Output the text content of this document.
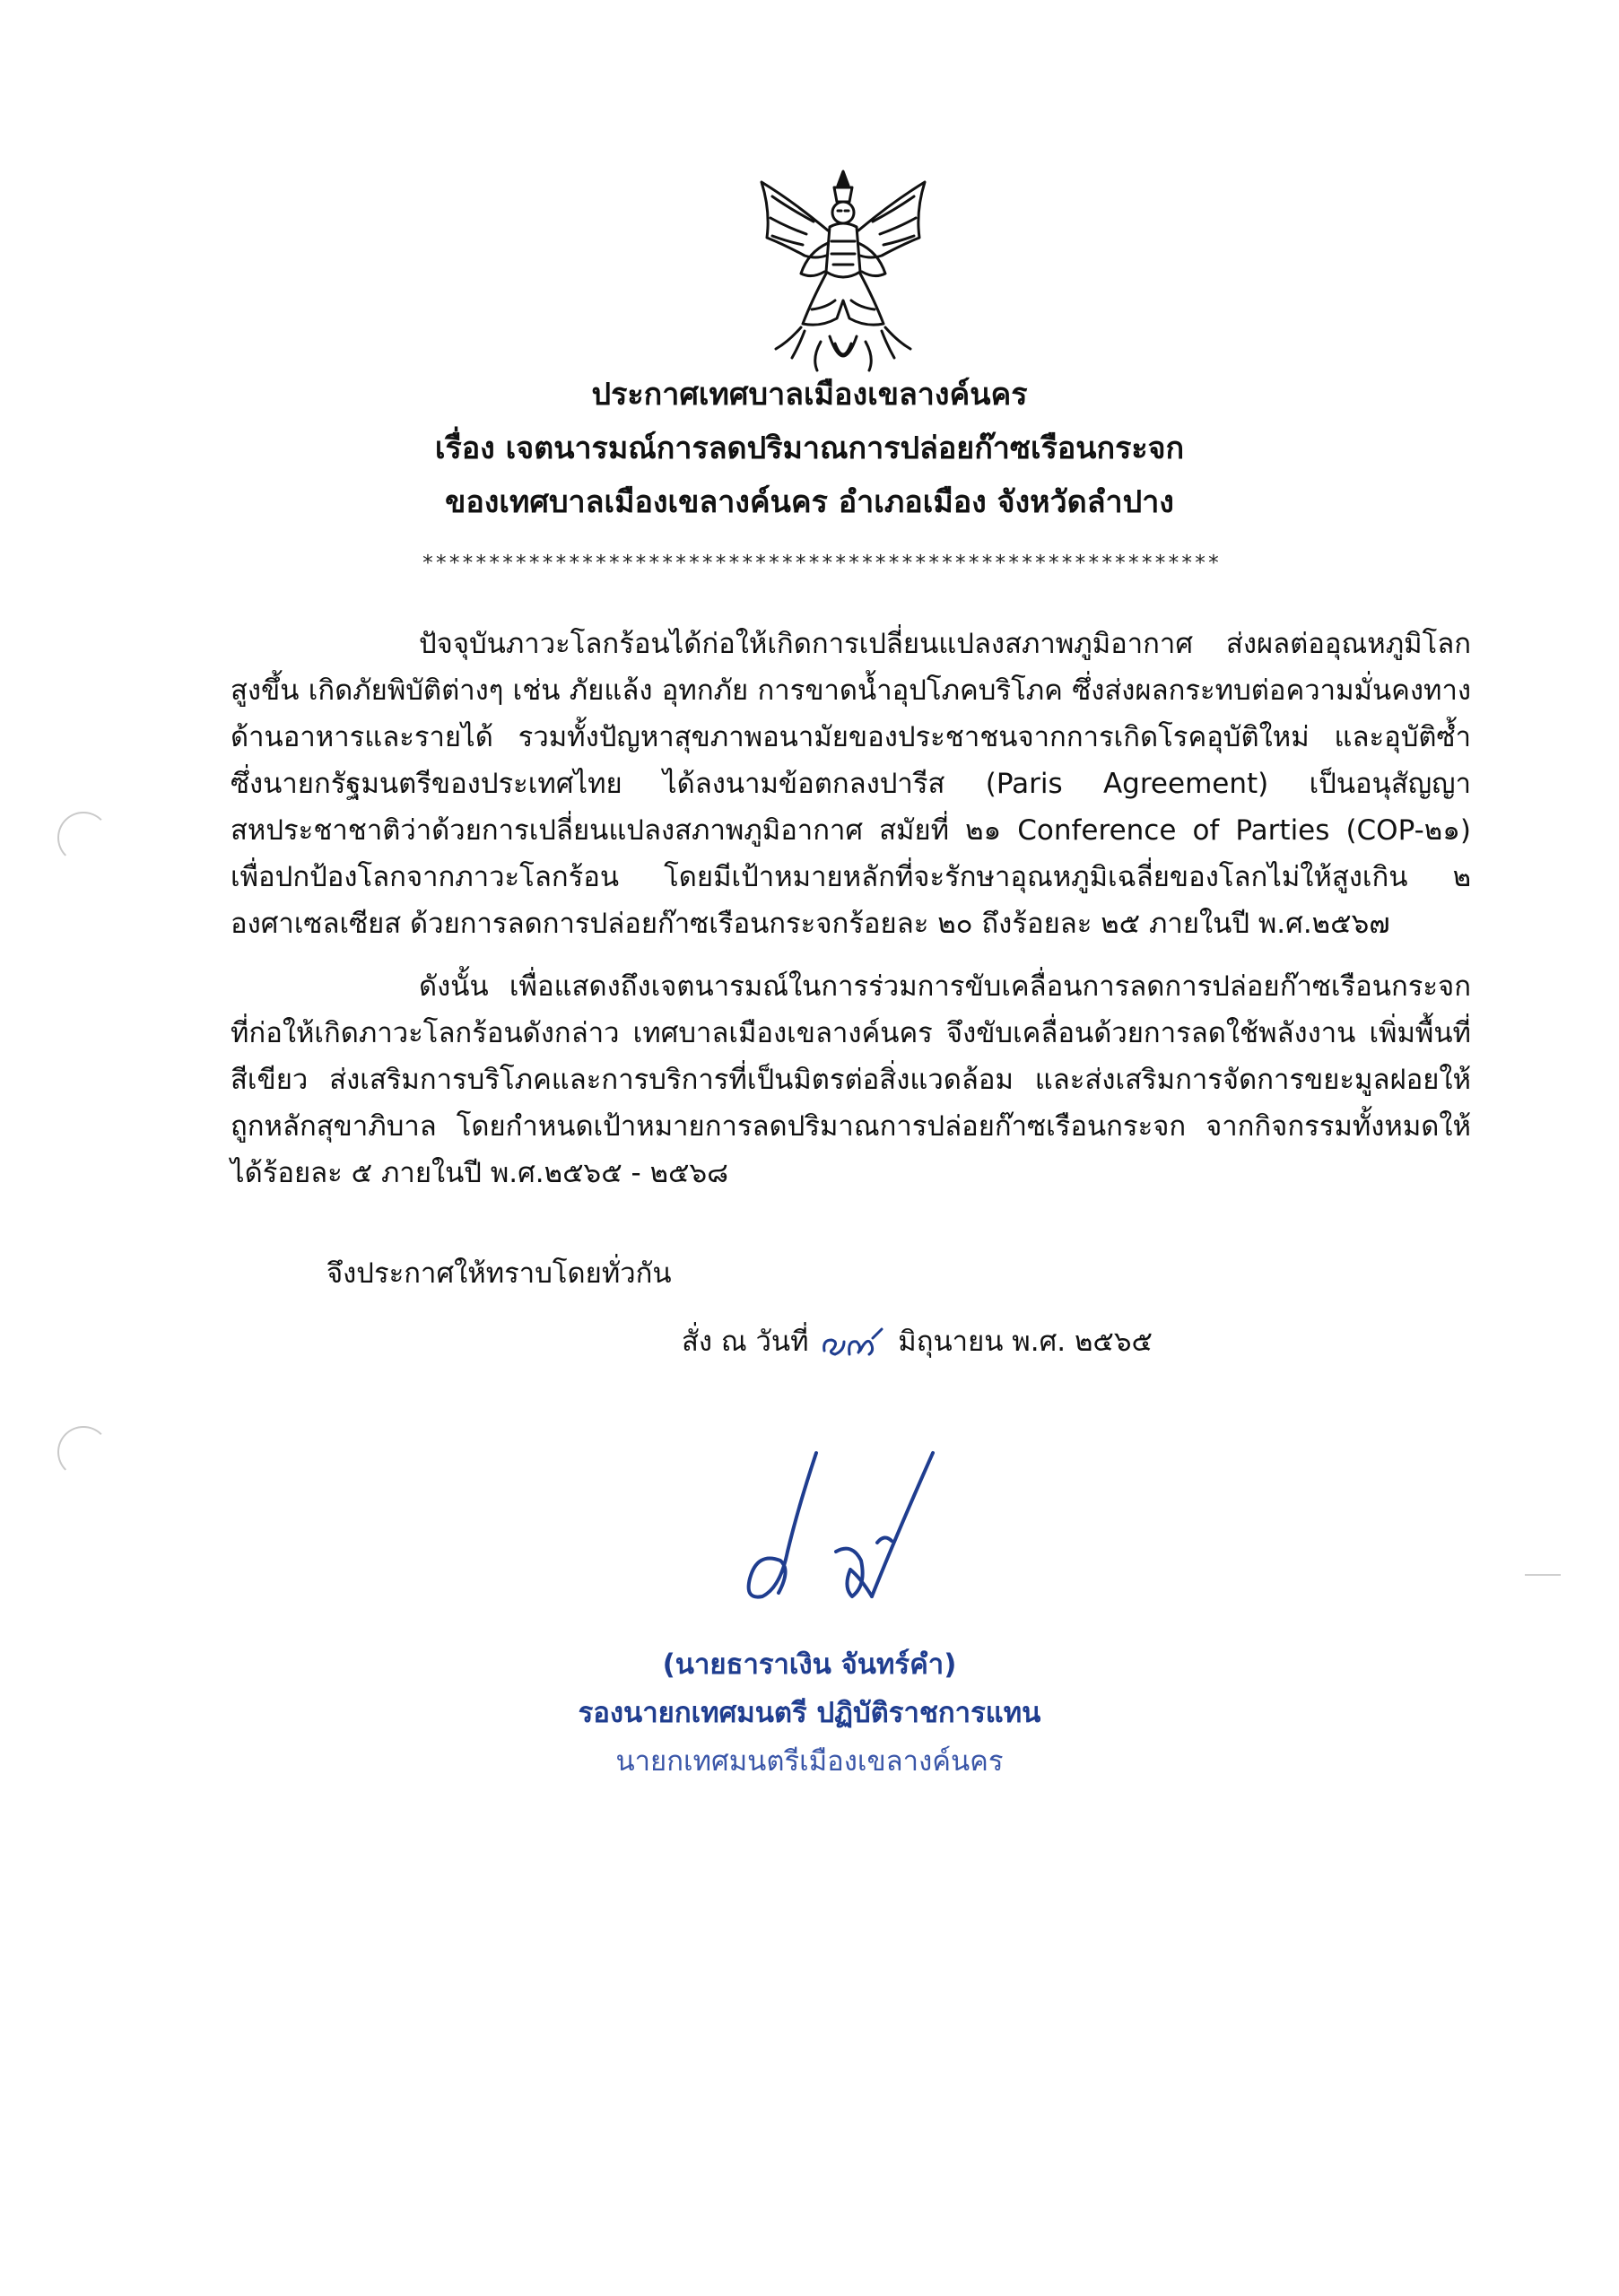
ประกาศเทศบาลเมืองเขลางค์นคร
เรื่อง เจตนารมณ์การลดปริมาณการปล่อยก๊าซเรือนกระจก
ของเทศบาลเมืองเขลางค์นคร อำเภอเมือง จังหวัดลำปาง
************************************************************

ปัจจุบันภาวะโลกร้อนได้ก่อให้เกิดการเปลี่ยนแปลงสภาพภูมิอากาศ ส่งผลต่ออุณหภูมิโลกสูงขึ้น เกิดภัยพิบัติต่างๆ เช่น ภัยแล้ง อุทกภัย การขาดน้ำอุปโภคบริโภค ซึ่งส่งผลกระทบต่อความมั่นคงทางด้านอาหารและรายได้ รวมทั้งปัญหาสุขภาพอนามัยของประชาชนจากการเกิดโรคอุบัติใหม่ และอุบัติซ้ำซึ่งนายกรัฐมนตรีของประเทศไทย ได้ลงนามข้อตกลงปารีส (Paris Agreement) เป็นอนุสัญญาสหประชาชาติว่าด้วยการเปลี่ยนแปลงสภาพภูมิอากาศ สมัยที่ ๒๑ Conference of Parties (COP-๒๑) เพื่อปกป้องโลกจากภาวะโลกร้อน โดยมีเป้าหมายหลักที่จะรักษาอุณหภูมิเฉลี่ยของโลกไม่ให้สูงเกิน ๒ องศาเซลเซียส ด้วยการลดการปล่อยก๊าซเรือนกระจกร้อยละ ๒๐ ถึงร้อยละ ๒๕ ภายในปี พ.ศ.๒๕๖๗

ดังนั้น เพื่อแสดงถึงเจตนารมณ์ในการร่วมการขับเคลื่อนการลดการปล่อยก๊าซเรือนกระจกที่ก่อให้เกิดภาวะโลกร้อนดังกล่าว เทศบาลเมืองเขลางค์นคร จึงขับเคลื่อนด้วยการลดใช้พลังงาน เพิ่มพื้นที่สีเขียว ส่งเสริมการบริโภคและการบริการที่เป็นมิตรต่อสิ่งแวดล้อม และส่งเสริมการจัดการขยะมูลฝอยให้ถูกหลักสุขาภิบาล โดยกำหนดเป้าหมายการลดปริมาณการปล่อยก๊าซเรือนกระจก จากกิจกรรมทั้งหมดให้ได้ร้อยละ ๕ ภายในปี พ.ศ.๒๕๖๕ - ๒๕๖๘

จึงประกาศให้ทราบโดยทั่วกัน
สั่ง ณ วันที่	มิถุนายน พ.ศ. ๒๕๖๕
(นายธาราเงิน จันทร์คำ)
รองนายกเทศมนตรี ปฏิบัติราชการแทน
นายกเทศมนตรีเมืองเขลางค์นคร
